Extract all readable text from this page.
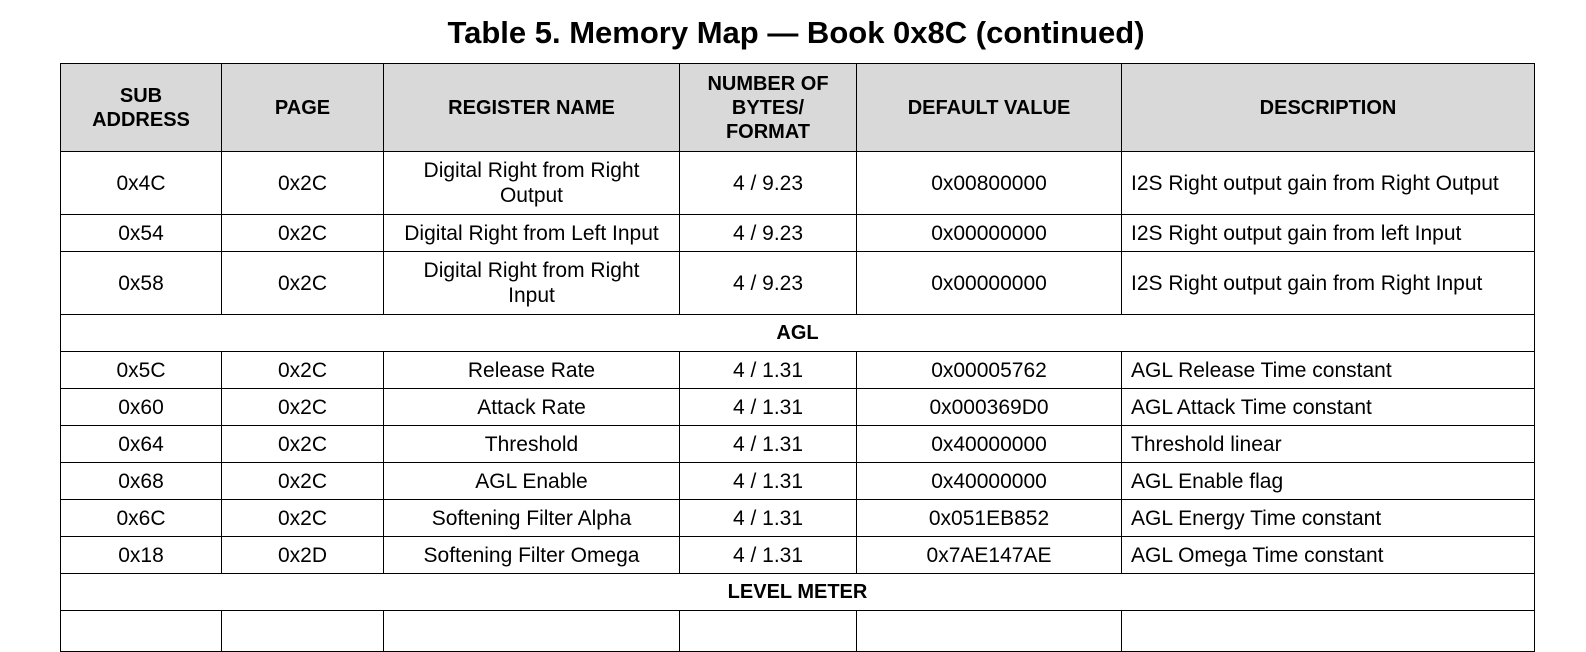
Table 5. Memory Map — Book 0x8C (continued)
SUB ADDRESS	PAGE	REGISTER NAME	NUMBER OF BYTES/ FORMAT	DEFAULT VALUE	DESCRIPTION
0x4C	0x2C	Digital Right from Right Output	4 / 9.23	0x00800000	I2S Right output gain from Right Output
0x54	0x2C	Digital Right from Left Input	4 / 9.23	0x00000000	I2S Right output gain from left Input
0x58	0x2C	Digital Right from Right Input	4 / 9.23	0x00000000	I2S Right output gain from Right Input
AGL					
0x5C	0x2C	Release Rate	4 / 1.31	0x00005762	AGL Release Time constant
0x60	0x2C	Attack Rate	4 / 1.31	0x000369D0	AGL Attack Time constant
0x64	0x2C	Threshold	4 / 1.31	0x40000000	Threshold linear
0x68	0x2C	AGL Enable	4 / 1.31	0x40000000	AGL Enable flag
0x6C	0x2C	Softening Filter Alpha	4 / 1.31	0x051EB852	AGL Energy Time constant
0x18	0x2D	Softening Filter Omega	4 / 1.31	0x7AE147AE	AGL Omega Time constant
LEVEL METER					
